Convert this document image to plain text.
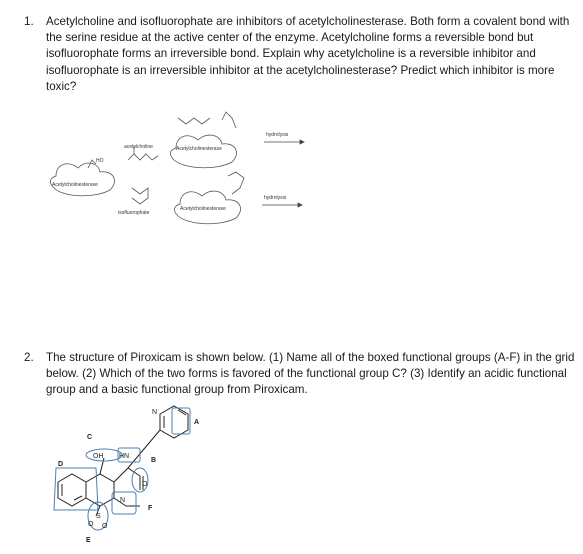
1. Acetylcholine and isofluorophate are inhibitors of acetylcholinesterase. Both form a covalent bond with the serine residue at the active center of the enzyme. Acetylcholine forms a reversible bond but isofluorophate forms an irreversible bond. Explain why acetylcholine is a reversible inhibitor and isofluorophate is an irreversible inhibitor at the acetylcholinesterase? Predict which inhibitor is more toxic?
2. The structure of Piroxicam is shown below. (1) Name all of the boxed functional groups (A-F) in the grid below. (2) Which of the two forms is favored of the functional group C? (3) Identify an acidic functional group and a basic functional group from Piroxicam.
acetylcholine	Acetylcholinesterase
Acetylcholinesterase
Acetylcholinesterase
hydrolysis
hydrolysis
isofluorophate
HO
A
B
C
D
E
F
OH HN
N
N
O
S
O O
